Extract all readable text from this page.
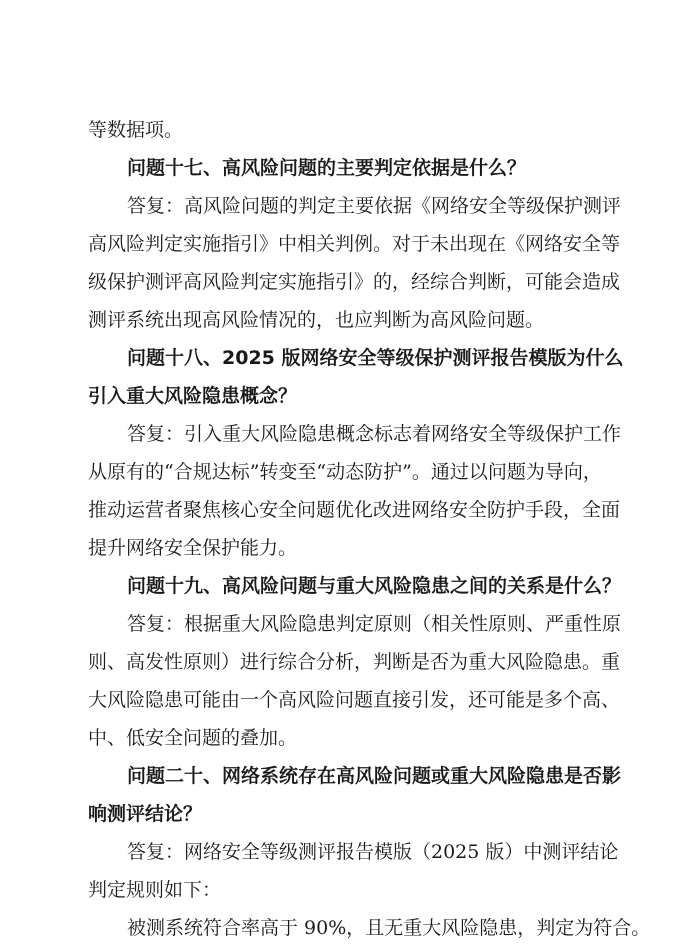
等数据项。
问题十七、高风险问题的主要判定依据是什么？
答复：高风险问题的判定主要依据《网络安全等级保护测评
高风险判定实施指引》中相关判例。对于未出现在《网络安全等
级保护测评高风险判定实施指引》的，经综合判断，可能会造成
测评系统出现高风险情况的，也应判断为高风险问题。
问题十八、2025 版网络安全等级保护测评报告模版为什么
引入重大风险隐患概念？
答复：引入重大风险隐患概念标志着网络安全等级保护工作
从原有的“合规达标”转变至“动态防护”。通过以问题为导向，
推动运营者聚焦核心安全问题优化改进网络安全防护手段，全面
提升网络安全保护能力。
问题十九、高风险问题与重大风险隐患之间的关系是什么？
答复：根据重大风险隐患判定原则（相关性原则、严重性原
则、高发性原则）进行综合分析，判断是否为重大风险隐患。重
大风险隐患可能由一个高风险问题直接引发，还可能是多个高、
中、低安全问题的叠加。
问题二十、网络系统存在高风险问题或重大风险隐患是否影
响测评结论？
答复：网络安全等级测评报告模版（2025 版）中测评结论
判定规则如下：
被测系统符合率高于 90%，且无重大风险隐患，判定为符合。
